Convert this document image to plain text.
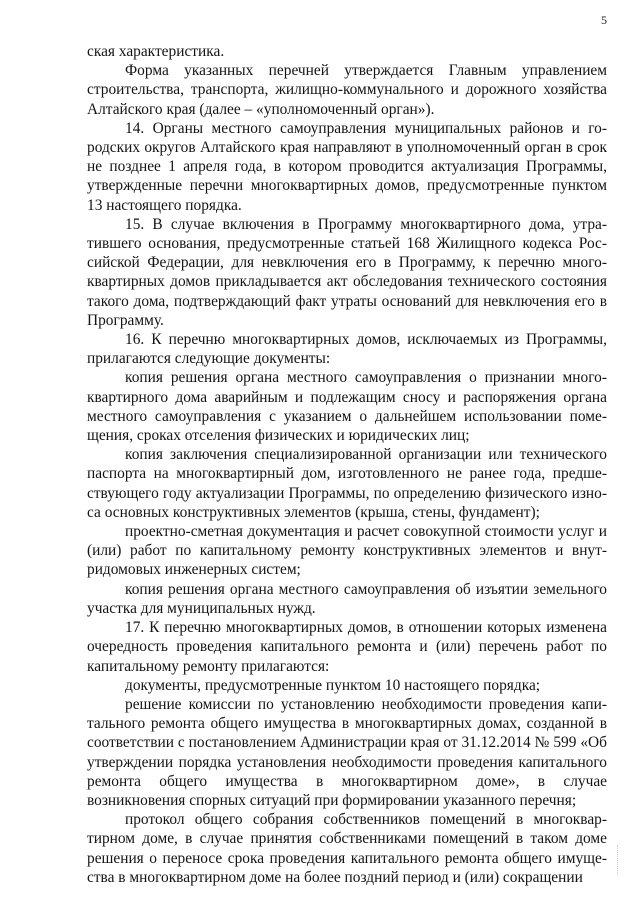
5

ская характеристика.

Форма указанных перечней утверждается Главным управлением строительства, транспорта, жилищно-коммунального и дорожного хозяйства Алтайского края (далее – «уполномоченный орган»).

14. Органы местного самоуправления муниципальных районов и городских округов Алтайского края направляют в уполномоченный орган в срок не позднее 1 апреля года, в котором проводится актуализация Программы, утвержденные перечни многоквартирных домов, предусмотренные пунктом 13 настоящего порядка.

15. В случае включения в Программу многоквартирного дома, утратившего основания, предусмотренные статьей 168 Жилищного кодекса Российской Федерации, для невключения его в Программу, к перечню многоквартирных домов прикладывается акт обследования технического состояния такого дома, подтверждающий факт утраты оснований для невключения его в Программу.

16. К перечню многоквартирных домов, исключаемых из Программы, прилагаются следующие документы:

копия решения органа местного самоуправления о признании многоквартирного дома аварийным и подлежащим сносу и распоряжения органа местного самоуправления с указанием о дальнейшем использовании помещения, сроках отселения физических и юридических лиц;

копия заключения специализированной организации или технического паспорта на многоквартирный дом, изготовленного не ранее года, предшествующего году актуализации Программы, по определению физического износа основных конструктивных элементов (крыша, стены, фундамент);

проектно-сметная документация и расчет совокупной стоимости услуг и (или) работ по капитальному ремонту конструктивных элементов и внутридомовых инженерных систем;

копия решения органа местного самоуправления об изъятии земельного участка для муниципальных нужд.

17. К перечню многоквартирных домов, в отношении которых изменена очередность проведения капитального ремонта и (или) перечень работ по капитальному ремонту прилагаются:

документы, предусмотренные пунктом 10 настоящего порядка;

решение комиссии по установлению необходимости проведения капитального ремонта общего имущества в многоквартирных домах, созданной в соответствии с постановлением Администрации края от 31.12.2014 № 599 «Об утверждении порядка установления необходимости проведения капитального ремонта общего имущества в многоквартирном доме», в случае возникновения спорных ситуаций при формировании указанного перечня;

протокол общего собрания собственников помещений в многоквартирном доме, в случае принятия собственниками помещений в таком доме решения о переносе срока проведения капитального ремонта общего имущества в многоквартирном доме на более поздний период и (или) сокращении
